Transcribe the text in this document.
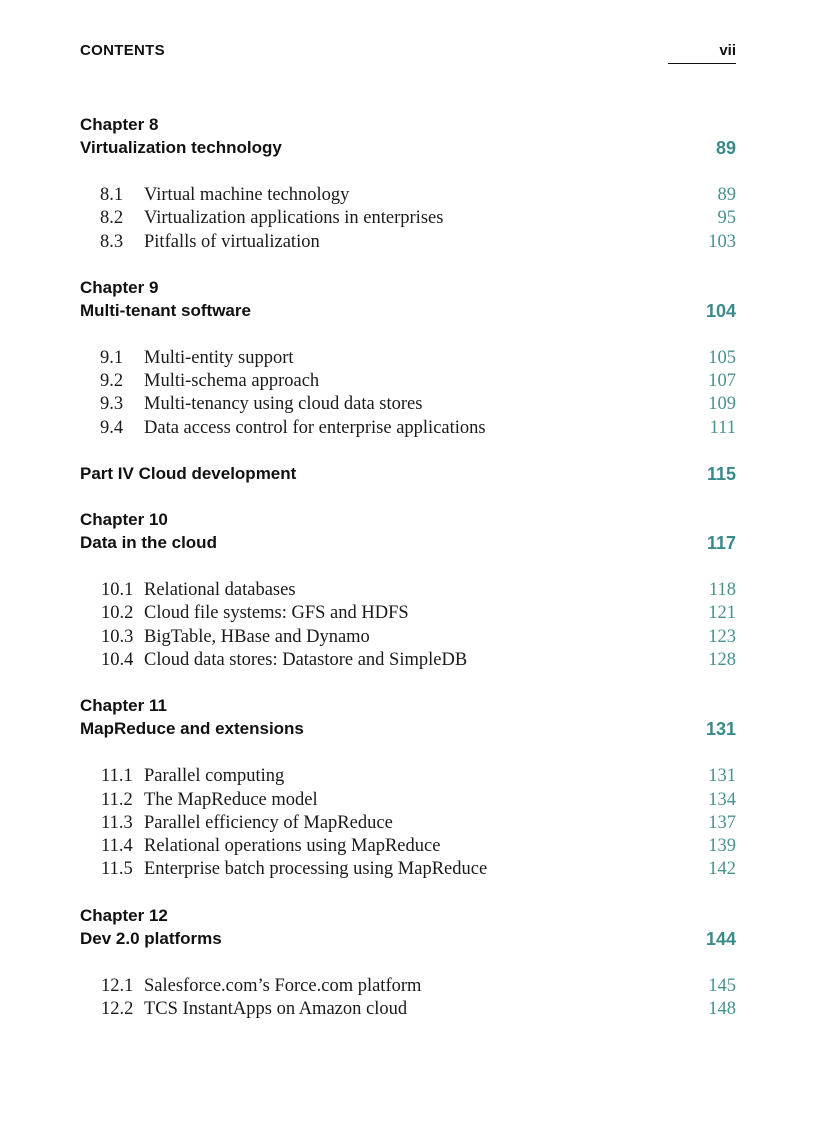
CONTENTS	vii
Chapter 8
Virtualization technology	89
8.1 Virtual machine technology	89
8.2 Virtualization applications in enterprises	95
8.3 Pitfalls of virtualization	103
Chapter 9
Multi-tenant software	104
9.1 Multi-entity support	105
9.2 Multi-schema approach	107
9.3 Multi-tenancy using cloud data stores	109
9.4 Data access control for enterprise applications	111
Part IV Cloud development	115
Chapter 10
Data in the cloud	117
10.1 Relational databases	118
10.2 Cloud file systems: GFS and HDFS	121
10.3 BigTable, HBase and Dynamo	123
10.4 Cloud data stores: Datastore and SimpleDB	128
Chapter 11
MapReduce and extensions	131
11.1 Parallel computing	131
11.2 The MapReduce model	134
11.3 Parallel efficiency of MapReduce	137
11.4 Relational operations using MapReduce	139
11.5 Enterprise batch processing using MapReduce	142
Chapter 12
Dev 2.0 platforms	144
12.1 Salesforce.com’s Force.com platform	145
12.2 TCS InstantApps on Amazon cloud	148
